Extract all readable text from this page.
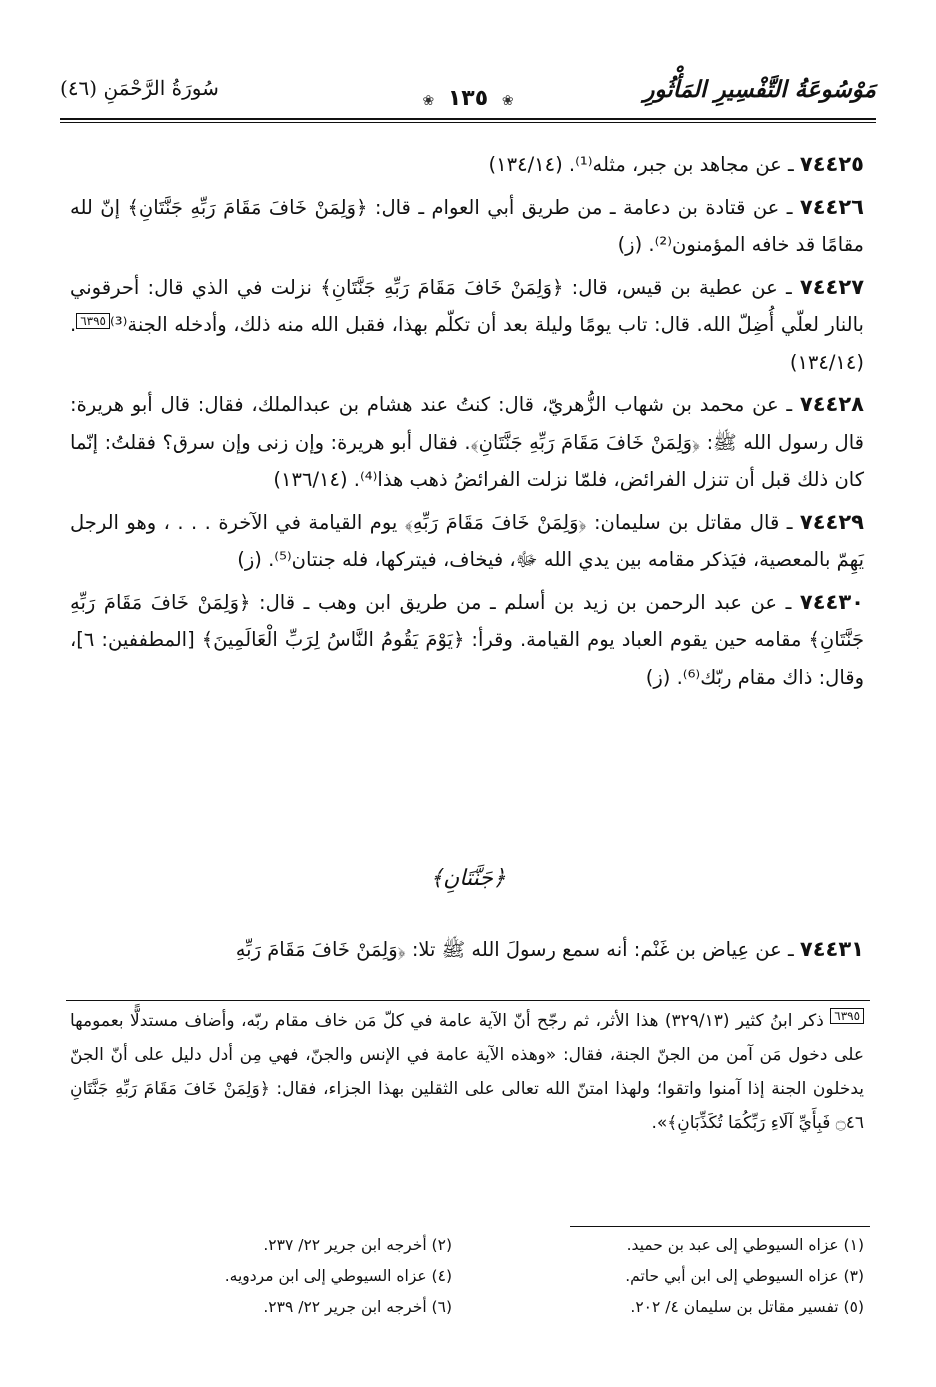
مَوْسُوعَةُ التَّفْسِيرِ المَأْثُورِ
❀ ١٣٥ ❀
سُورَةُ الرَّحْمَنِ (٤٦)

٧٤٤٢٥ ـ عن مجاهد بن جبر، مثله⁽¹⁾. (١٣٤/١٤)

٧٤٤٢٦ ـ عن قتادة بن دعامة ـ من طريق أبي العوام ـ قال: ﴿وَلِمَنْ خَافَ مَقَامَ رَبِّهِ جَنَّتَانِ﴾ إنّ لله مقامًا قد خافه المؤمنون⁽²⁾. (ز)

٧٤٤٢٧ ـ عن عطية بن قيس، قال: ﴿وَلِمَنْ خَافَ مَقَامَ رَبِّهِ جَنَّتَانِ﴾ نزلت في الذي قال: أحرقوني بالنار لعلّي أُضِلّ الله. قال: تاب يومًا وليلة بعد أن تكلّم بهذا، فقبل الله منه ذلك، وأدخله الجنة⁽³⁾٦٣٩٥. (١٣٤/١٤)

٧٤٤٢٨ ـ عن محمد بن شهاب الزُّهريّ، قال: كنتُ عند هشام بن عبدالملك، فقال: قال أبو هريرة: قال رسول الله ﷺ: ﴿وَلِمَنْ خَافَ مَقَامَ رَبِّهِ جَنَّتَانِ﴾. فقال أبو هريرة: وإن زنى وإن سرق؟ فقلتُ: إنّما كان ذلك قبل أن تنزل الفرائض، فلمّا نزلت الفرائضُ ذهب هذا⁽⁴⁾. (١٣٦/١٤)

٧٤٤٢٩ ـ قال مقاتل بن سليمان: ﴿وَلِمَنْ خَافَ مَقَامَ رَبِّهِ﴾ يوم القيامة في الآخرة . . . ، وهو الرجل يَهِمّ بالمعصية، فيَذكر مقامه بين يدي الله ﷻ، فيخاف، فيتركها، فله جنتان⁽⁵⁾. (ز)

٧٤٤٣٠ ـ عن عبد الرحمن بن زيد بن أسلم ـ من طريق ابن وهب ـ قال: ﴿وَلِمَنْ خَافَ مَقَامَ رَبِّهِ جَنَّتَانِ﴾ مقامه حين يقوم العباد يوم القيامة. وقرأ: ﴿يَوْمَ يَقُومُ النَّاسُ لِرَبِّ الْعَالَمِينَ﴾ [المطففين: ٦]، وقال: ذاك مقام ربّك⁽⁶⁾. (ز)

﴿جَنَّتَانِ﴾
٧٤٤٣١ ـ عن عِياض بن غَنْم: أنه سمع رسولَ الله ﷺ تلا: ﴿وَلِمَنْ خَافَ مَقَامَ رَبِّهِ
٦٣٩٥ ذكر ابنُ كثير (٣٢٩/١٣) هذا الأثر، ثم رجّح أنّ الآية عامة في كلّ مَن خاف مقام ربّه، وأضاف مستدلًّا بعمومها على دخول مَن آمن من الجنّ الجنة، فقال: «وهذه الآية عامة في الإنس والجنّ، فهي مِن أدل دليل على أنّ الجنّ يدخلون الجنة إذا آمنوا واتقوا؛ ولهذا امتنّ الله تعالى على الثقلين بهذا الجزاء، فقال: ﴿وَلِمَنْ خَافَ مَقَامَ رَبِّهِ جَنَّتَانِ ۝٤٦ فَبِأَيِّ آلَاءِ رَبِّكُمَا تُكَذِّبَانِ﴾».
(١) عزاه السيوطي إلى عبد بن حميد.
(٢) أخرجه ابن جرير ٢٢/ ٢٣٧.
(٣) عزاه السيوطي إلى ابن أبي حاتم.
(٤) عزاه السيوطي إلى ابن مردويه.
(٥) تفسير مقاتل بن سليمان ٤/ ٢٠٢.
(٦) أخرجه ابن جرير ٢٢/ ٢٣٩.
